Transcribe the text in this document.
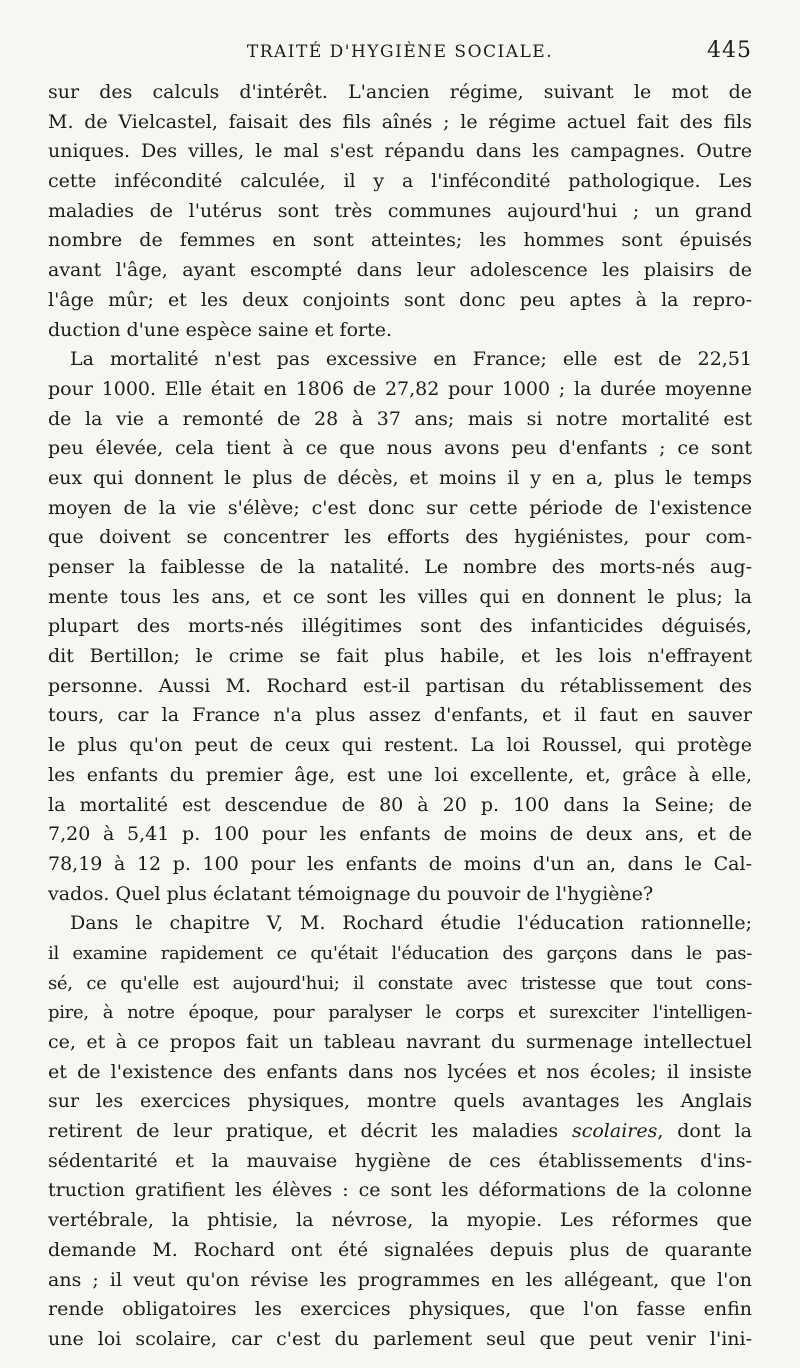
TRAITÉ D'HYGIÈNE SOCIALE.	445
sur des calculs d'intérêt. L'ancien régime, suivant le mot de
M. de Vielcastel, faisait des fils aînés ; le régime actuel fait des fils
uniques. Des villes, le mal s'est répandu dans les campagnes. Outre
cette infécondité calculée, il y a l'infécondité pathologique. Les
maladies de l'utérus sont très communes aujourd'hui ; un grand
nombre de femmes en sont atteintes; les hommes sont épuisés
avant l'âge, ayant escompté dans leur adolescence les plaisirs de
l'âge mûr; et les deux conjoints sont donc peu aptes à la repro-
duction d'une espèce saine et forte.
La mortalité n'est pas excessive en France; elle est de 22,51
pour 1000. Elle était en 1806 de 27,82 pour 1000 ; la durée moyenne
de la vie a remonté de 28 à 37 ans; mais si notre mortalité est
peu élevée, cela tient à ce que nous avons peu d'enfants ; ce sont
eux qui donnent le plus de décès, et moins il y en a, plus le temps
moyen de la vie s'élève; c'est donc sur cette période de l'existence
que doivent se concentrer les efforts des hygiénistes, pour com-
penser la faiblesse de la natalité. Le nombre des morts-nés aug-
mente tous les ans, et ce sont les villes qui en donnent le plus; la
plupart des morts-nés illégitimes sont des infanticides déguisés,
dit Bertillon; le crime se fait plus habile, et les lois n'effrayent
personne. Aussi M. Rochard est-il partisan du rétablissement des
tours, car la France n'a plus assez d'enfants, et il faut en sauver
le plus qu'on peut de ceux qui restent. La loi Roussel, qui protège
les enfants du premier âge, est une loi excellente, et, grâce à elle,
la mortalité est descendue de 80 à 20 p. 100 dans la Seine; de
7,20 à 5,41 p. 100 pour les enfants de moins de deux ans, et de
78,19 à 12 p. 100 pour les enfants de moins d'un an, dans le Cal-
vados. Quel plus éclatant témoignage du pouvoir de l'hygiène?
Dans le chapitre V, M. Rochard étudie l'éducation rationnelle;
il examine rapidement ce qu'était l'éducation des garçons dans le pas-
sé, ce qu'elle est aujourd'hui; il constate avec tristesse que tout cons-
pire, à notre époque, pour paralyser le corps et surexciter l'intelligen-
ce, et à ce propos fait un tableau navrant du surmenage intellectuel
et de l'existence des enfants dans nos lycées et nos écoles; il insiste
sur les exercices physiques, montre quels avantages les Anglais
retirent de leur pratique, et décrit les maladies scolaires, dont la
sédentarité et la mauvaise hygiène de ces établissements d'ins-
truction gratifient les élèves : ce sont les déformations de la colonne
vertébrale, la phtisie, la névrose, la myopie. Les réformes que
demande M. Rochard ont été signalées depuis plus de quarante
ans ; il veut qu'on révise les programmes en les allégeant, que l'on
rende obligatoires les exercices physiques, que l'on fasse enfin
une loi scolaire, car c'est du parlement seul que peut venir l'ini-
